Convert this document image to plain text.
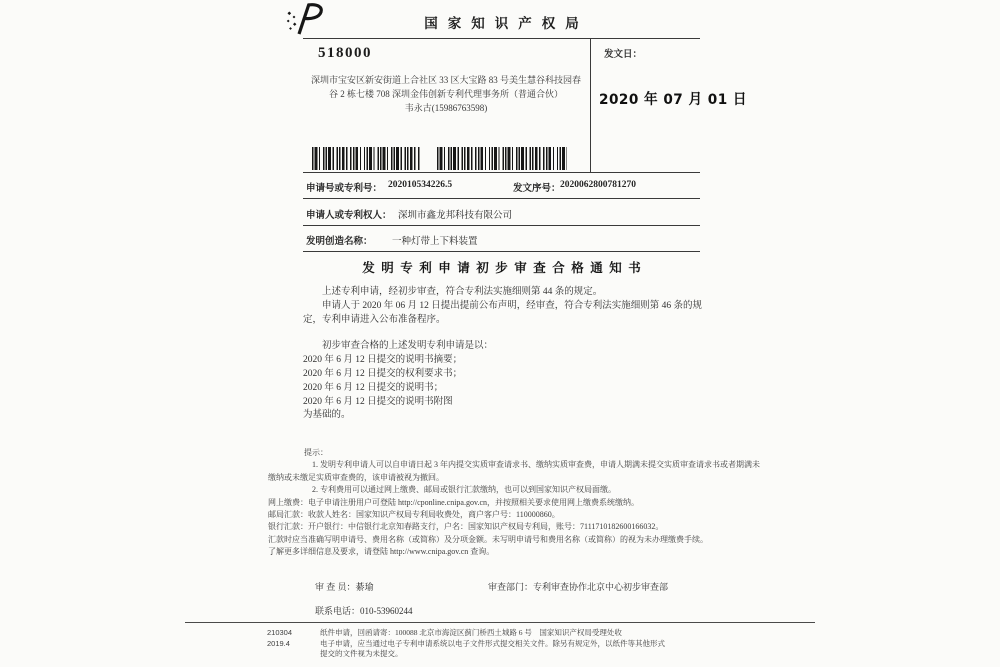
国家知识产权局
518000
深圳市宝安区新安街道上合社区 33 区大宝路 83 号美生慧谷科技园春
谷 2 栋七楼 708 深圳金伟创新专利代理事务所（普通合伙）
韦永古(15986763598)
发文日：
2020 年 07 月 01 日
申请号或专利号： 202010534226.5	发文序号： 2020062800781270
申请人或专利权人： 深圳市鑫龙邦科技有限公司
发明创造名称： 一种灯带上下料装置
发明专利申请初步审查合格通知书

上述专利申请，经初步审查，符合专利法实施细则第 44 条的规定。

申请人于 2020 年 06 月 12 日提出提前公布声明，经审查，符合专利法实施细则第 46 条的规定，专利申请进入公布准备程序。

初步审查合格的上述发明专利申请是以：

2020 年 6 月 12 日提交的说明书摘要；

2020 年 6 月 12 日提交的权利要求书；

2020 年 6 月 12 日提交的说明书；

2020 年 6 月 12 日提交的说明书附图

为基础的。

提示：

1. 发明专利申请人可以自申请日起 3 年内提交实质审查请求书、缴纳实质审查费，申请人期满未提交实质审查请求书或者期满未缴纳或未缴足实质审查费的，该申请被视为撤回。

2. 专利费用可以通过网上缴费、邮局或银行汇款缴纳，也可以到国家知识产权局面缴。

网上缴费：电子申请注册用户可登陆 http://cponline.cnipa.gov.cn，并按照相关要求使用网上缴费系统缴纳。

邮局汇款：收款人姓名：国家知识产权局专利局收费处，商户客户号：110000860。

银行汇款：开户银行：中信银行北京知春路支行，户名：国家知识产权局专利局，账号：7111710182600166032。

汇款时应当准确写明申请号、费用名称（或简称）及分项金额。未写明申请号和费用名称（或简称）的视为未办理缴费手续。

了解更多详细信息及要求，请登陆 http://www.cnipa.gov.cn 查询。

审 查 员：綦瑜	审查部门：专利审查协作北京中心初步审查部
联系电话：010-53960244
210304
2019.4
纸件申请，回函请寄：100088 北京市海淀区蓟门桥西土城路 6 号　国家知识产权局受理处收
电子申请，应当通过电子专利申请系统以电子文件形式提交相关文件。除另有规定外，以纸件等其他形式提交的文件视为未提交。
